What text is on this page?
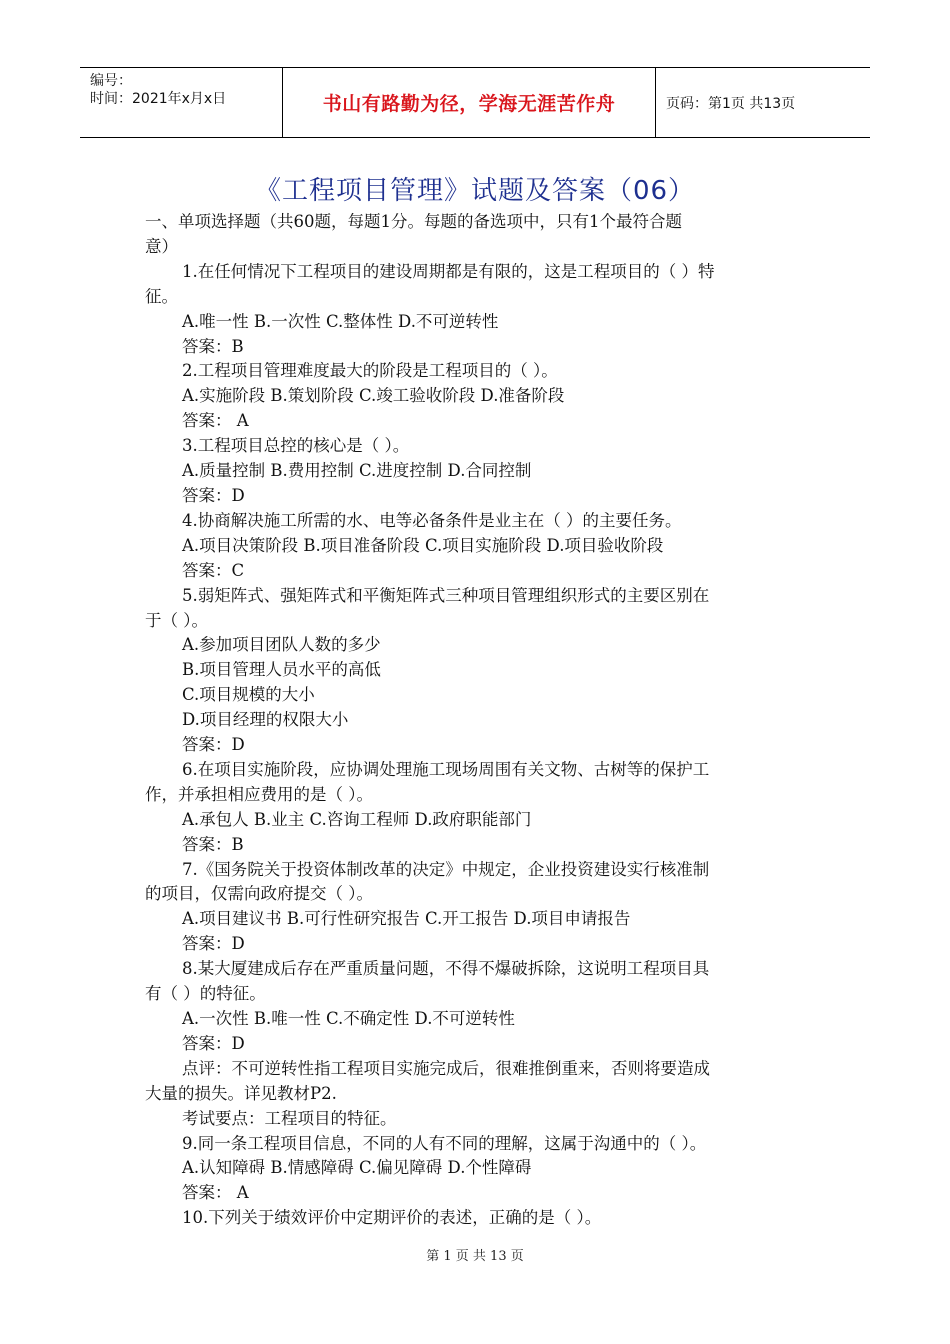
编号：
时间：2021年x月x日	书山有路勤为径，学海无涯苦作舟	页码：第1页 共13页
《工程项目管理》试题及答案（06）
一、单项选择题（共60题，每题1分。每题的备选项中，只有1个最符合题
意）
1.在任何情况下工程项目的建设周期都是有限的，这是工程项目的（ ）特
征。
A.唯一性 B.一次性 C.整体性 D.不可逆转性
答案：B
2.工程项目管理难度最大的阶段是工程项目的（ ）。
A.实施阶段 B.策划阶段 C.竣工验收阶段 D.准备阶段
答案： A
3.工程项目总控的核心是（ ）。
A.质量控制 B.费用控制 C.进度控制 D.合同控制
答案：D
4.协商解决施工所需的水、电等必备条件是业主在（ ）的主要任务。
A.项目决策阶段 B.项目准备阶段 C.项目实施阶段 D.项目验收阶段
答案：C
5.弱矩阵式、强矩阵式和平衡矩阵式三种项目管理组织形式的主要区别在
于（ ）。
A.参加项目团队人数的多少
B.项目管理人员水平的高低
C.项目规模的大小
D.项目经理的权限大小
答案：D
6.在项目实施阶段，应协调处理施工现场周围有关文物、古树等的保护工
作，并承担相应费用的是（ ）。
A.承包人 B.业主 C.咨询工程师 D.政府职能部门
答案：B
7.《国务院关于投资体制改革的决定》中规定，企业投资建设实行核准制
的项目，仅需向政府提交（ ）。
A.项目建议书 B.可行性研究报告 C.开工报告 D.项目申请报告
答案：D
8.某大厦建成后存在严重质量问题，不得不爆破拆除，这说明工程项目具
有（ ）的特征。
A.一次性 B.唯一性 C.不确定性 D.不可逆转性
答案：D
点评：不可逆转性指工程项目实施完成后，很难推倒重来，否则将要造成
大量的损失。详见教材P2.
考试要点：工程项目的特征。
9.同一条工程项目信息，不同的人有不同的理解，这属于沟通中的（ ）。
A.认知障碍 B.情感障碍 C.偏见障碍 D.个性障碍
答案： A
10.下列关于绩效评价中定期评价的表述，正确的是（ ）。
第 1 页 共 13 页
